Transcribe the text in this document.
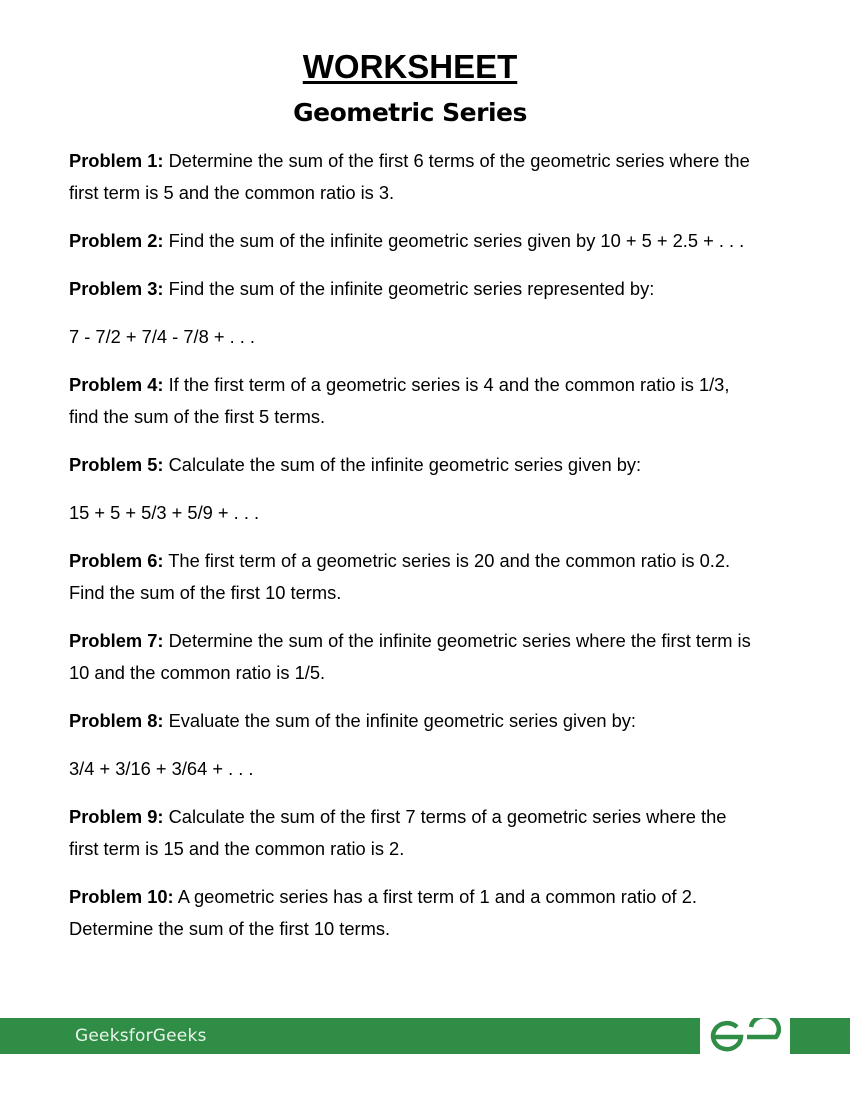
WORKSHEET
Geometric Series

Problem 1: Determine the sum of the first 6 terms of the geometric series where the first term is 5 and the common ratio is 3.

Problem 2: Find the sum of the infinite geometric series given by 10 + 5 + 2.5 + . . .

Problem 3: Find the sum of the infinite geometric series represented by:

7 - 7/2 + 7/4 - 7/8 + . . .

Problem 4: If the first term of a geometric series is 4 and the common ratio is 1/3, find the sum of the first 5 terms.

Problem 5: Calculate the sum of the infinite geometric series given by:

15 + 5 + 5/3 + 5/9 + . . .

Problem 6: The first term of a geometric series is 20 and the common ratio is 0.2. Find the sum of the first 10 terms.

Problem 7: Determine the sum of the infinite geometric series where the first term is 10 and the common ratio is 1/5.

Problem 8: Evaluate the sum of the infinite geometric series given by:

3/4 + 3/16 + 3/64 + . . .

Problem 9: Calculate the sum of the first 7 terms of a geometric series where the first term is 15 and the common ratio is 2.

Problem 10: A geometric series has a first term of 1 and a common ratio of 2. Determine the sum of the first 10 terms.

GeeksforGeeks
